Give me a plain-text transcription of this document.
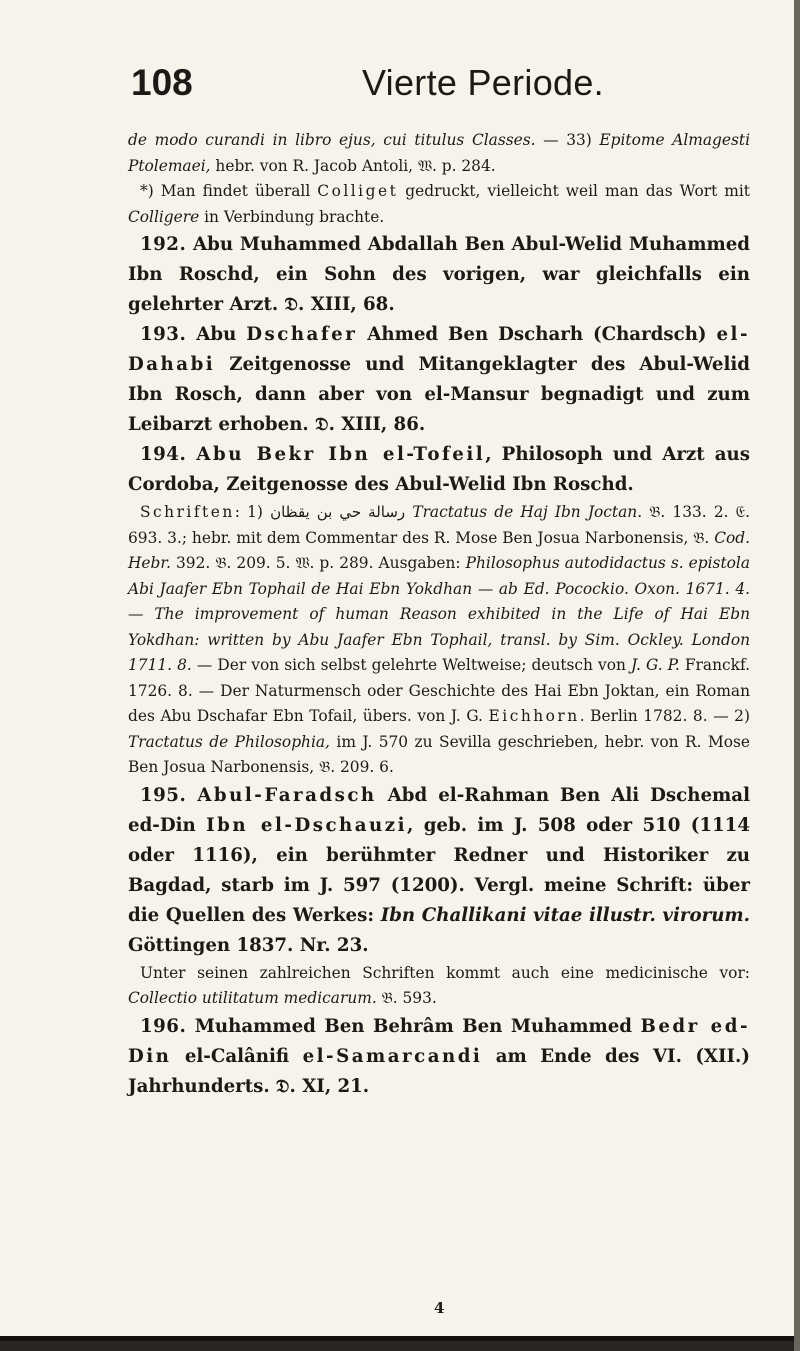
108	Vierte Periode.

de modo curandi in libro ejus, cui titulus Classes. — 33) Epitome Almagesti Ptolemaei, hebr. von R. Jacob Antoli, 𝔚. p. 284.

*) Man findet überall Colliget gedruckt, vielleicht weil man das Wort mit Colligere in Verbindung brachte.

192. Abu Muhammed Abdallah Ben Abul-Welid Muhammed Ibn Roschd, ein Sohn des vorigen, war gleichfalls ein gelehrter Arzt. 𝔇. XIII, 68.

193. Abu Dschafer Ahmed Ben Dscharh (Chardsch) el-Dahabi Zeitgenosse und Mitangeklagter des Abul-Welid Ibn Rosch, dann aber von el-Mansur begnadigt und zum Leibarzt erhoben. 𝔇. XIII, 86.

194. Abu Bekr Ibn el-Tofeil, Philosoph und Arzt aus Cordoba, Zeitgenosse des Abul-Welid Ibn Roschd.

Schriften: 1) رسالة حي بن يقظان Tractatus de Haj Ibn Joctan. 𝔅. 133. 2. 𝔈. 693. 3.; hebr. mit dem Commentar des R. Mose Ben Josua Narbonensis, 𝔅. Cod. Hebr. 392. 𝔅. 209. 5. 𝔚. p. 289. Ausgaben: Philosophus autodidactus s. epistola Abi Jaafer Ebn Tophail de Hai Ebn Yokdhan — ab Ed. Pocockio. Oxon. 1671. 4. — The improvement of human Reason exhibited in the Life of Hai Ebn Yokdhan: written by Abu Jaafer Ebn Tophail, transl. by Sim. Ockley. London 1711. 8. — Der von sich selbst gelehrte Weltweise; deutsch von J. G. P. Franckf. 1726. 8. — Der Naturmensch oder Geschichte des Hai Ebn Joktan, ein Roman des Abu Dschafar Ebn Tofail, übers. von J. G. Eichhorn. Berlin 1782. 8. — 2) Tractatus de Philosophia, im J. 570 zu Sevilla geschrieben, hebr. von R. Mose Ben Josua Narbonensis, 𝔅. 209. 6.

195. Abul-Faradsch Abd el-Rahman Ben Ali Dschemal ed-Din Ibn el-Dschauzi, geb. im J. 508 oder 510 (1114 oder 1116), ein berühmter Redner und Historiker zu Bagdad, starb im J. 597 (1200). Vergl. meine Schrift: über die Quellen des Werkes: Ibn Challikani vitae illustr. virorum. Göttingen 1837. Nr. 23.

Unter seinen zahlreichen Schriften kommt auch eine medicinische vor: Collectio utilitatum medicarum. 𝔅. 593.

196. Muhammed Ben Behrâm Ben Muhammed Bedr ed-Din el-Calânifi el-Samarcandi am Ende des VI. (XII.) Jahrhunderts. 𝔇. XI, 21.

4
